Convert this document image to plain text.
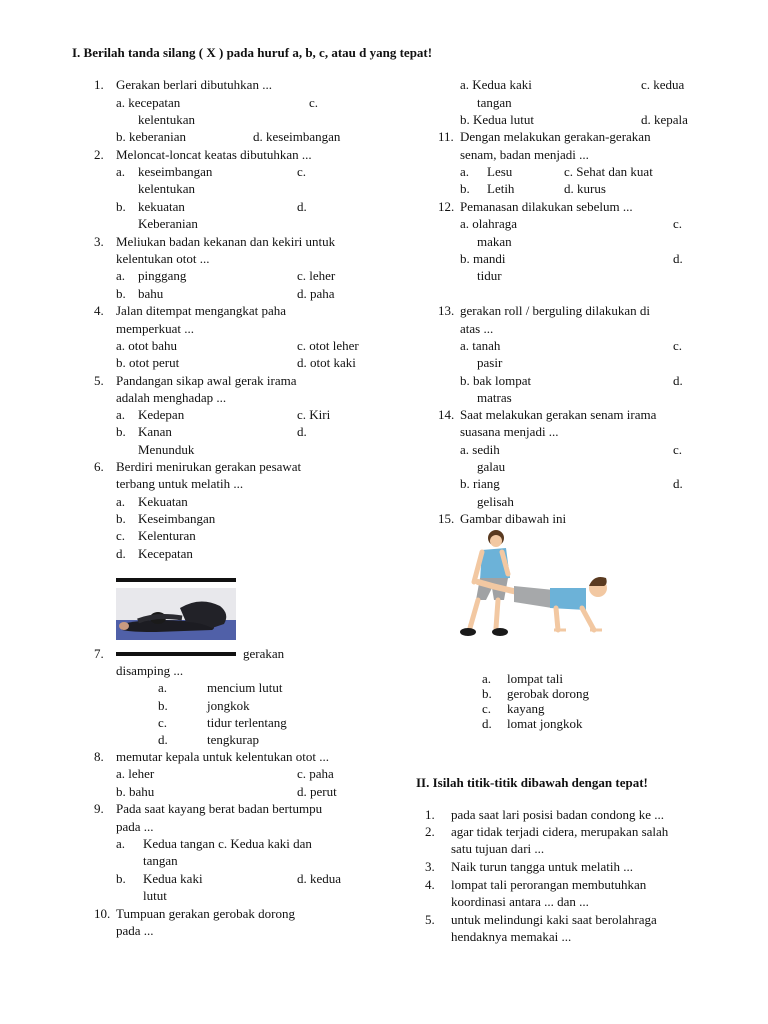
I. Berilah tanda silang ( X ) pada huruf a, b, c, atau d yang tepat!
1. Gerakan berlari dibutuhkan ...
a. kecepatan	c.
kelentukan
b. keberanian	d. keseimbangan
2. Meloncat-loncat keatas dibutuhkan ...
a. keseimbangan	c.
kelentukan
b. kekuatan	d.
Keberanian
3. Meliukan badan kekanan dan kekiri untuk
kelentukan otot ...
a. pinggang	c. leher
b. bahu	d. paha
4. Jalan ditempat mengangkat paha
memperkuat ...
a. otot bahu	c. otot leher
b. otot perut	d. otot kaki
5. Pandangan sikap awal gerak irama
adalah menghadap ...
a. Kedepan	c. Kiri
b. Kanan	d.
Menunduk
6. Berdiri menirukan gerakan pesawat
terbang untuk melatih ...
a. Kekuatan
b. Keseimbangan
c. Kelenturan
d. Kecepatan
7.	gerakan
disamping ...
a.	mencium lutut
b.	jongkok
c.	tidur terlentang
d.	tengkurap
8. memutar kepala untuk kelentukan otot ...
a. leher	c. paha
b. bahu	d. perut
9. Pada saat kayang berat badan bertumpu
pada ...
a. Kedua tangan c. Kedua kaki dan
tangan
b. Kedua kaki	d. kedua
lutut
10. Tumpuan gerakan gerobak dorong
pada ...
a. Kedua kaki	c. kedua
tangan
b. Kedua lutut	d. kepala
11. Dengan melakukan gerakan-gerakan
senam, badan menjadi ...
a. Lesu	c. Sehat dan kuat
b. Letih	d. kurus
12. Pemanasan dilakukan sebelum ...
a. olahraga	c.
makan
b. mandi	d.
tidur
13. gerakan roll / berguling dilakukan di
atas ...
a. tanah	c.
pasir
b. bak lompat	d.
matras
14. Saat melakukan gerakan senam irama
suasana menjadi ...
a. sedih	c.
galau
b. riang	d.
gelisah
15. Gambar dibawah ini
a. lompat tali
b. gerobak dorong
c. kayang
d. lomat jongkok
II. Isilah titik-titik dibawah dengan tepat!
1. pada saat lari posisi badan condong ke ...
2. agar tidak terjadi cidera, merupakan salah
satu tujuan dari ...
3. Naik turun tangga untuk melatih ...
4. lompat tali perorangan membutuhkan
koordinasi antara ... dan ...
5. untuk melindungi kaki saat berolahraga
hendaknya memakai ...
